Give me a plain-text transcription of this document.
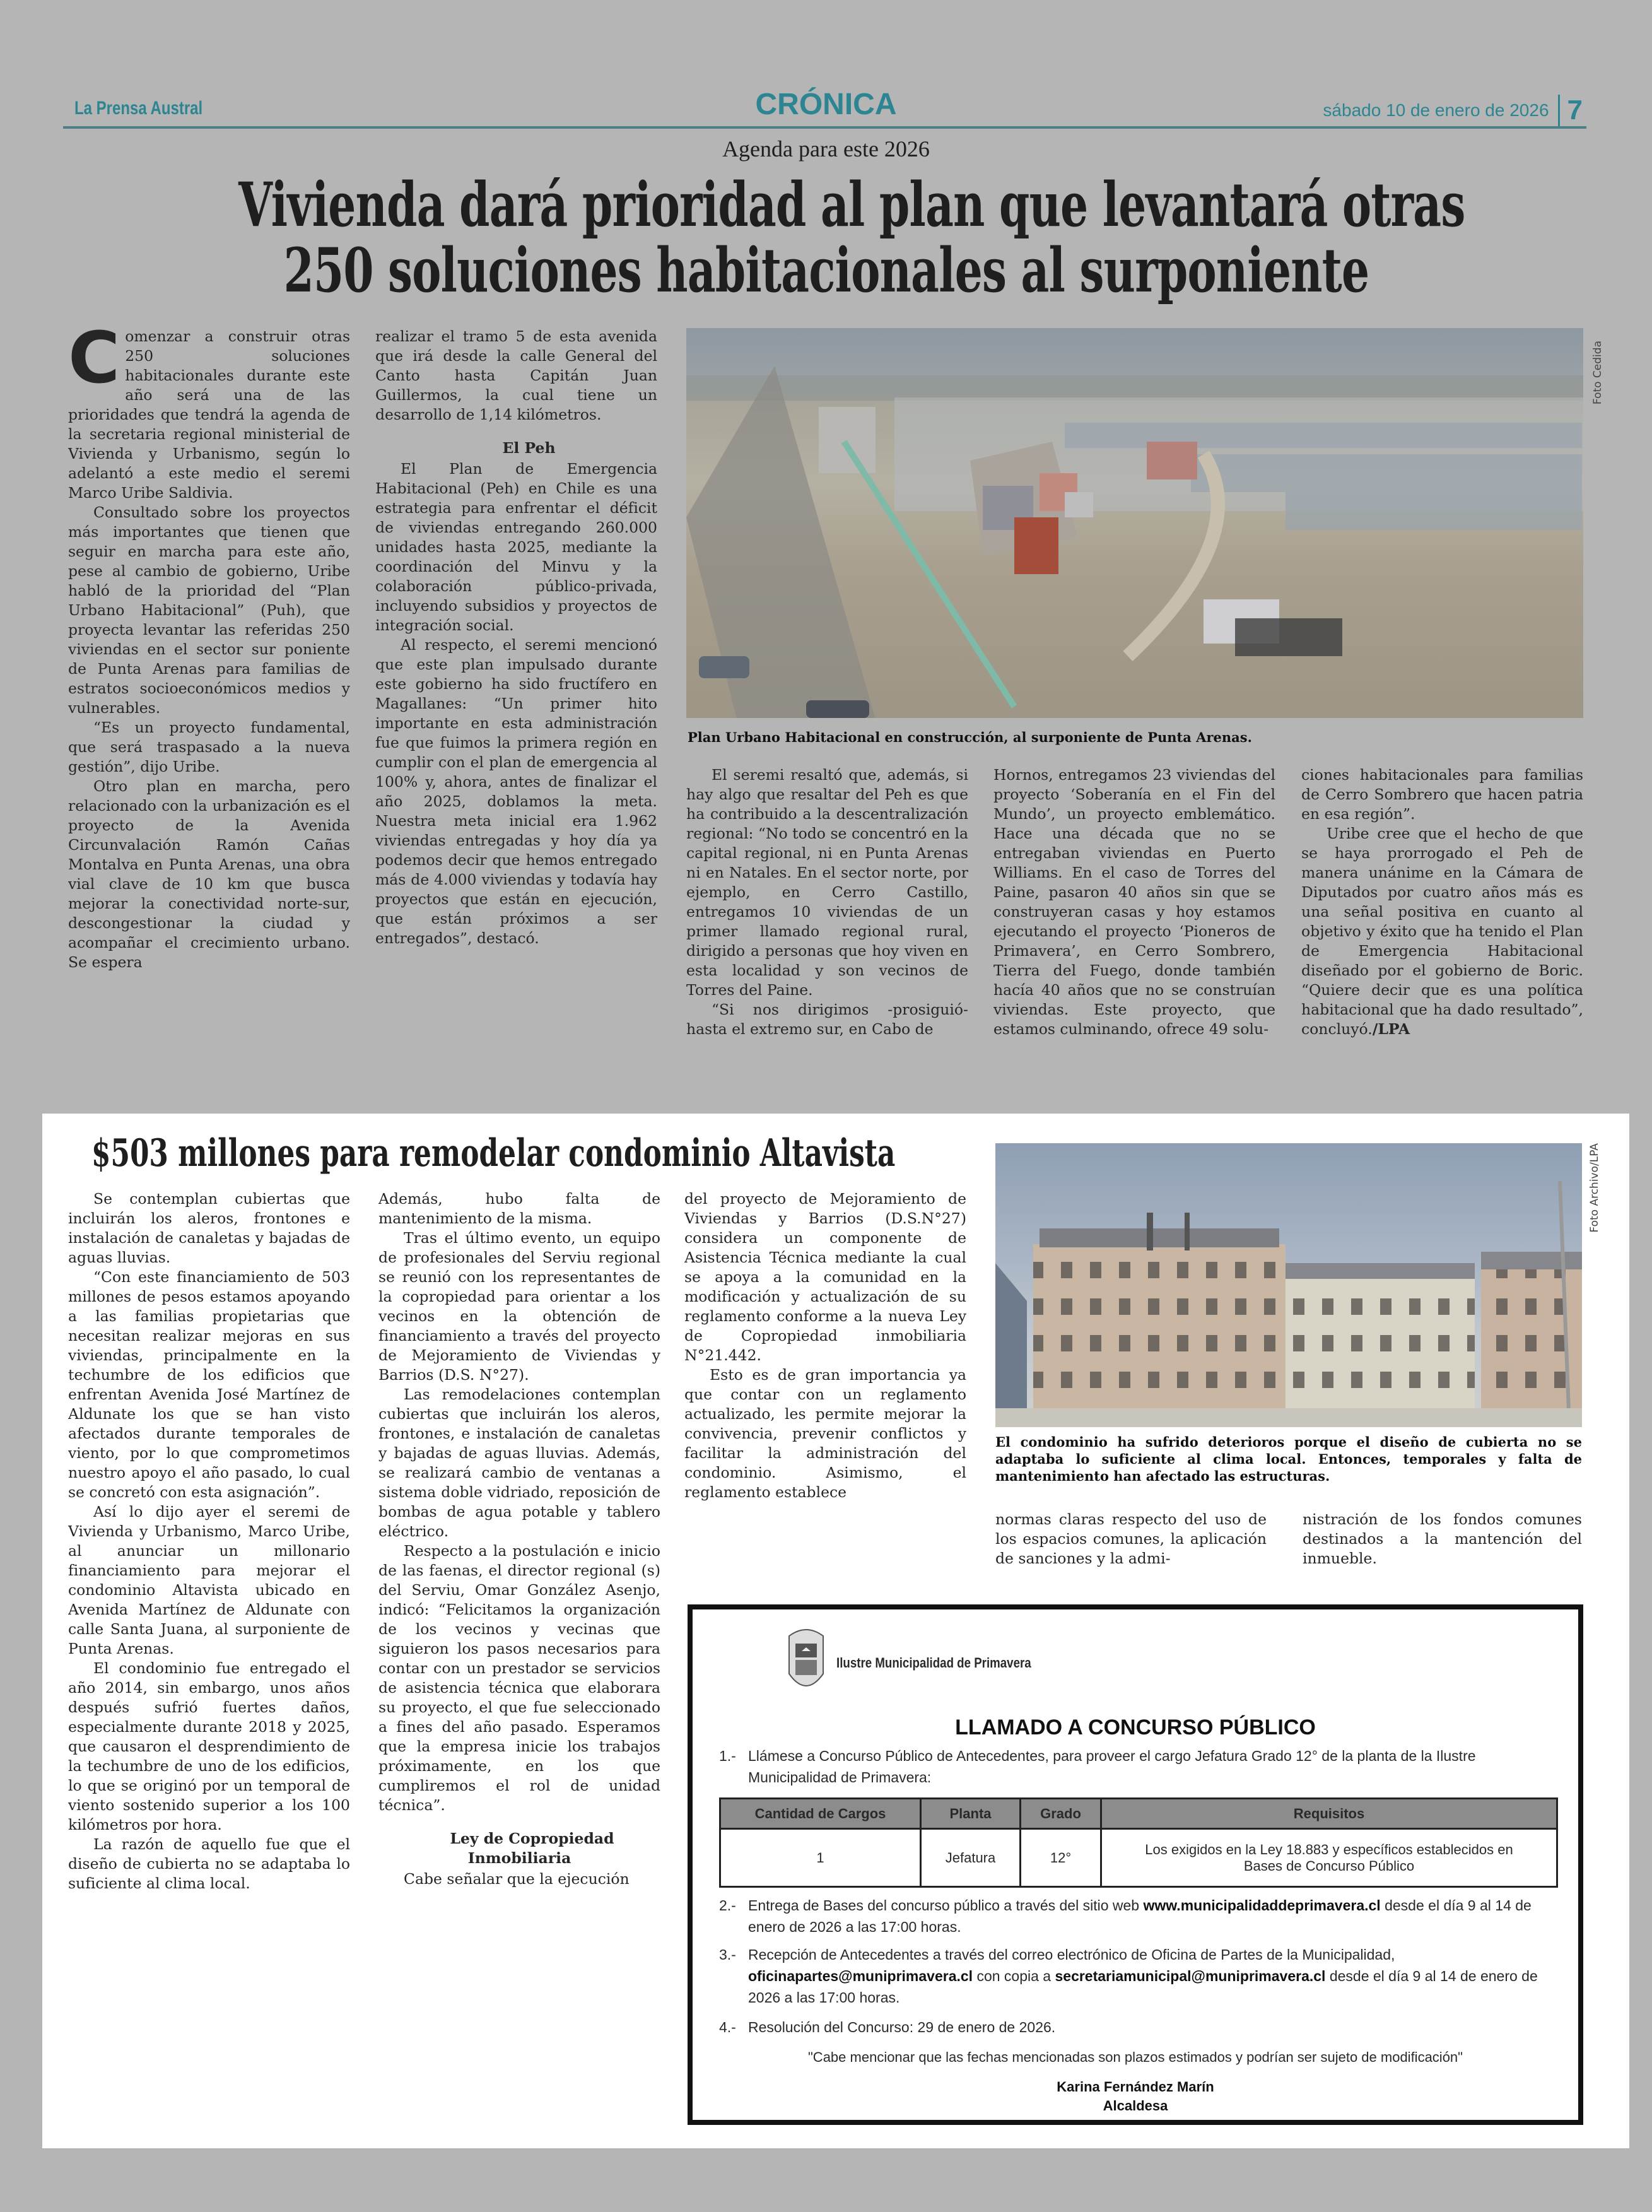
La Prensa Austral	CRÓNICA	sábado 10 de enero de 2026 7
Agenda para este 2026
Vivienda dará prioridad al plan que levantará otras
250 soluciones habitacionales al surponiente
C omenzar a construir otras 250 soluciones habitacionales durante este año será una de las prioridades que tendrá la agenda de la secretaria regional ministerial de Vivienda y Urbanismo, según lo adelantó a este medio el seremi Marco Uribe Saldivia.

Consultado sobre los proyectos más importantes que tienen que seguir en marcha para este año, pese al cambio de gobierno, Uribe habló de la prioridad del “Plan Urbano Habitacional” (Puh), que proyecta levantar las referidas 250 viviendas en el sector sur poniente de Punta Arenas para familias de estratos socioeconómicos medios y vulnerables.

“Es un proyecto fundamental, que será traspasado a la nueva gestión”, dijo Uribe.

Otro plan en marcha, pero relacionado con la urbanización es el proyecto de la Avenida Circunvalación Ramón Cañas Montalva en Punta Arenas, una obra vial clave de 10 km que busca mejorar la conectividad norte-sur, descongestionar la ciudad y acompañar el crecimiento urbano. Se espera

realizar el tramo 5 de esta avenida que irá desde la calle General del Canto hasta Capitán Juan Guillermos, la cual tiene un desarrollo de 1,14 kilómetros.

El Peh

El Plan de Emergencia Habitacional (Peh) en Chile es una estrategia para enfrentar el déficit de viviendas entregando 260.000 unidades hasta 2025, mediante la coordinación del Minvu y la colaboración público-privada, incluyendo subsidios y proyectos de integración social.

Al respecto, el seremi mencionó que este plan impulsado durante este gobierno ha sido fructífero en Magallanes: “Un primer hito importante en esta administración fue que fuimos la primera región en cumplir con el plan de emergencia al 100% y, ahora, antes de finalizar el año 2025, doblamos la meta. Nuestra meta inicial era 1.962 viviendas entregadas y hoy día ya podemos decir que hemos entregado más de 4.000 viviendas y todavía hay proyectos que están en ejecución, que están próximos a ser entregados”, destacó.

Foto Cedida
Plan Urbano Habitacional en construcción, al surponiente de Punta Arenas.

El seremi resaltó que, además, si hay algo que resaltar del Peh es que ha contribuido a la descentralización regional: “No todo se concentró en la capital regional, ni en Punta Arenas ni en Natales. En el sector norte, por ejemplo, en Cerro Castillo, entregamos 10 viviendas de un primer llamado regional rural, dirigido a personas que hoy viven en esta localidad y son vecinos de Torres del Paine.

“Si nos dirigimos -prosiguió- hasta el extremo sur, en Cabo de

Hornos, entregamos 23 viviendas del proyecto ‘Soberanía en el Fin del Mundo’, un proyecto emblemático. Hace una década que no se entregaban viviendas en Puerto Williams. En el caso de Torres del Paine, pasaron 40 años sin que se construyeran casas y hoy estamos ejecutando el proyecto ‘Pioneros de Primavera’, en Cerro Sombrero, Tierra del Fuego, donde también hacía 40 años que no se construían viviendas. Este proyecto, que estamos culminando, ofrece 49 solu-

ciones habitacionales para familias de Cerro Sombrero que hacen patria en esa región”.

Uribe cree que el hecho de que se haya prorrogado el Peh de manera unánime en la Cámara de Diputados por cuatro años más es una señal positiva en cuanto al objetivo y éxito que ha tenido el Plan de Emergencia Habitacional diseñado por el gobierno de Boric. “Quiere decir que es una política habitacional que ha dado resultado”, concluyó./LPA

$503 millones para remodelar condominio Altavista

Se contemplan cubiertas que incluirán los aleros, frontones e instalación de canaletas y bajadas de aguas lluvias.

“Con este financiamiento de 503 millones de pesos estamos apoyando a las familias propietarias que necesitan realizar mejoras en sus viviendas, principalmente en la techumbre de los edificios que enfrentan Avenida José Martínez de Aldunate los que se han visto afectados durante temporales de viento, por lo que comprometimos nuestro apoyo el año pasado, lo cual se concretó con esta asignación”.

Así lo dijo ayer el seremi de Vivienda y Urbanismo, Marco Uribe, al anunciar un millonario financiamiento para mejorar el condominio Altavista ubicado en Avenida Martínez de Aldunate con calle Santa Juana, al surponiente de Punta Arenas.

El condominio fue entregado el año 2014, sin embargo, unos años después sufrió fuertes daños, especialmente durante 2018 y 2025, que causaron el desprendimiento de la techumbre de uno de los edificios, lo que se originó por un temporal de viento sostenido superior a los 100 kilómetros por hora.

La razón de aquello fue que el diseño de cubierta no se adaptaba lo suficiente al clima local.

Además, hubo falta de mantenimiento de la misma.

Tras el último evento, un equipo de profesionales del Serviu regional se reunió con los representantes de la copropiedad para orientar a los vecinos en la obtención de financiamiento a través del proyecto de Mejoramiento de Viviendas y Barrios (D.S. N°27).

Las remodelaciones contemplan cubiertas que incluirán los aleros, frontones, e instalación de canaletas y bajadas de aguas lluvias. Además, se realizará cambio de ventanas a sistema doble vidriado, reposición de bombas de agua potable y tablero eléctrico.

Respecto a la postulación e inicio de las faenas, el director regional (s) del Serviu, Omar González Asenjo, indicó: “Felicitamos la organización de los vecinos y vecinas que siguieron los pasos necesarios para contar con un prestador se servicios de asistencia técnica que elaborara su proyecto, el que fue seleccionado a fines del año pasado. Esperamos que la empresa inicie los trabajos próximamente, en los que cumpliremos el rol de unidad técnica”.

Ley de Copropiedad Inmobiliaria

Cabe señalar que la ejecución

del proyecto de Mejoramiento de Viviendas y Barrios (D.S.N°27) considera un componente de Asistencia Técnica mediante la cual se apoya a la comunidad en la modificación y actualización de su reglamento conforme a la nueva Ley de Copropiedad inmobiliaria N°21.442.

Esto es de gran importancia ya que contar con un reglamento actualizado, les permite mejorar la convivencia, prevenir conflictos y facilitar la administración del condominio. Asimismo, el reglamento establece

Foto Archivo/LPA
El condominio ha sufrido deterioros porque el diseño de cubierta no se adaptaba lo suficiente al clima local. Entonces, temporales y falta de mantenimiento han afectado las estructuras.

normas claras respecto del uso de los espacios comunes, la aplicación de sanciones y la admi-

nistración de los fondos comunes destinados a la mantención del inmueble.

Ilustre Municipalidad de Primavera
LLAMADO A CONCURSO PÚBLICO
1.- Llámese a Concurso Público de Antecedentes, para proveer el cargo Jefatura Grado 12° de la planta de la Ilustre Municipalidad de Primavera:
Cantidad de Cargos	Planta	Grado	Requisitos
1	Jefatura	12°	Los exigidos en la Ley 18.883 y específicos establecidos en Bases de Concurso Público
2.- Entrega de Bases del concurso público a través del sitio web www.municipalidaddeprimavera.cl desde el día 9 al 14 de enero de 2026 a las 17:00 horas.
3.- Recepción de Antecedentes a través del correo electrónico de Oficina de Partes de la Municipalidad, oficinapartes@muniprimavera.cl con copia a secretariamunicipal@muniprimavera.cl desde el día 9 al 14 de enero de 2026 a las 17:00 horas.
4.- Resolución del Concurso: 29 de enero de 2026.
"Cabe mencionar que las fechas mencionadas son plazos estimados y podrían ser sujeto de modificación"
Karina Fernández Marín
Alcaldesa
